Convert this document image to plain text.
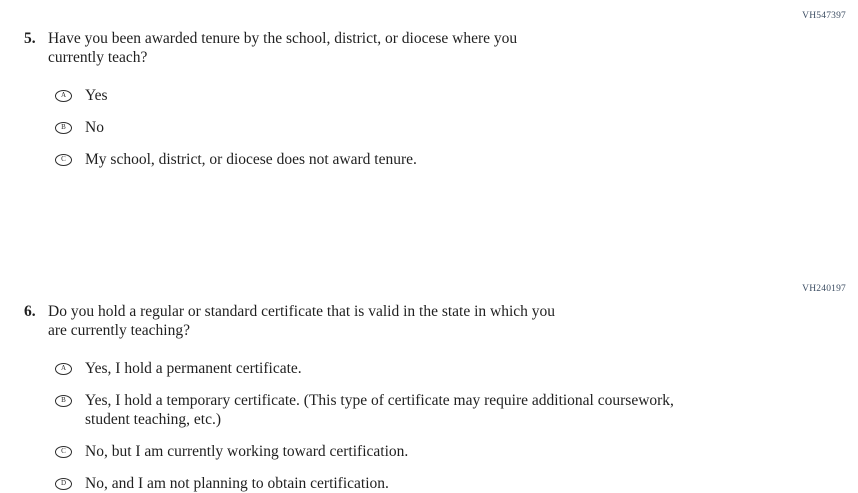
VH547397
5. Have you been awarded tenure by the school, district, or diocese where you
currently teach?
A	Yes
B	No
C	My school, district, or diocese does not award tenure.
VH240197
6. Do you hold a regular or standard certificate that is valid in the state in which you
are currently teaching?
A	Yes, I hold a permanent certificate.
B	Yes, I hold a temporary certificate. (This type of certificate may require additional coursework,
student teaching, etc.)
C	No, but I am currently working toward certification.
D	No, and I am not planning to obtain certification.
